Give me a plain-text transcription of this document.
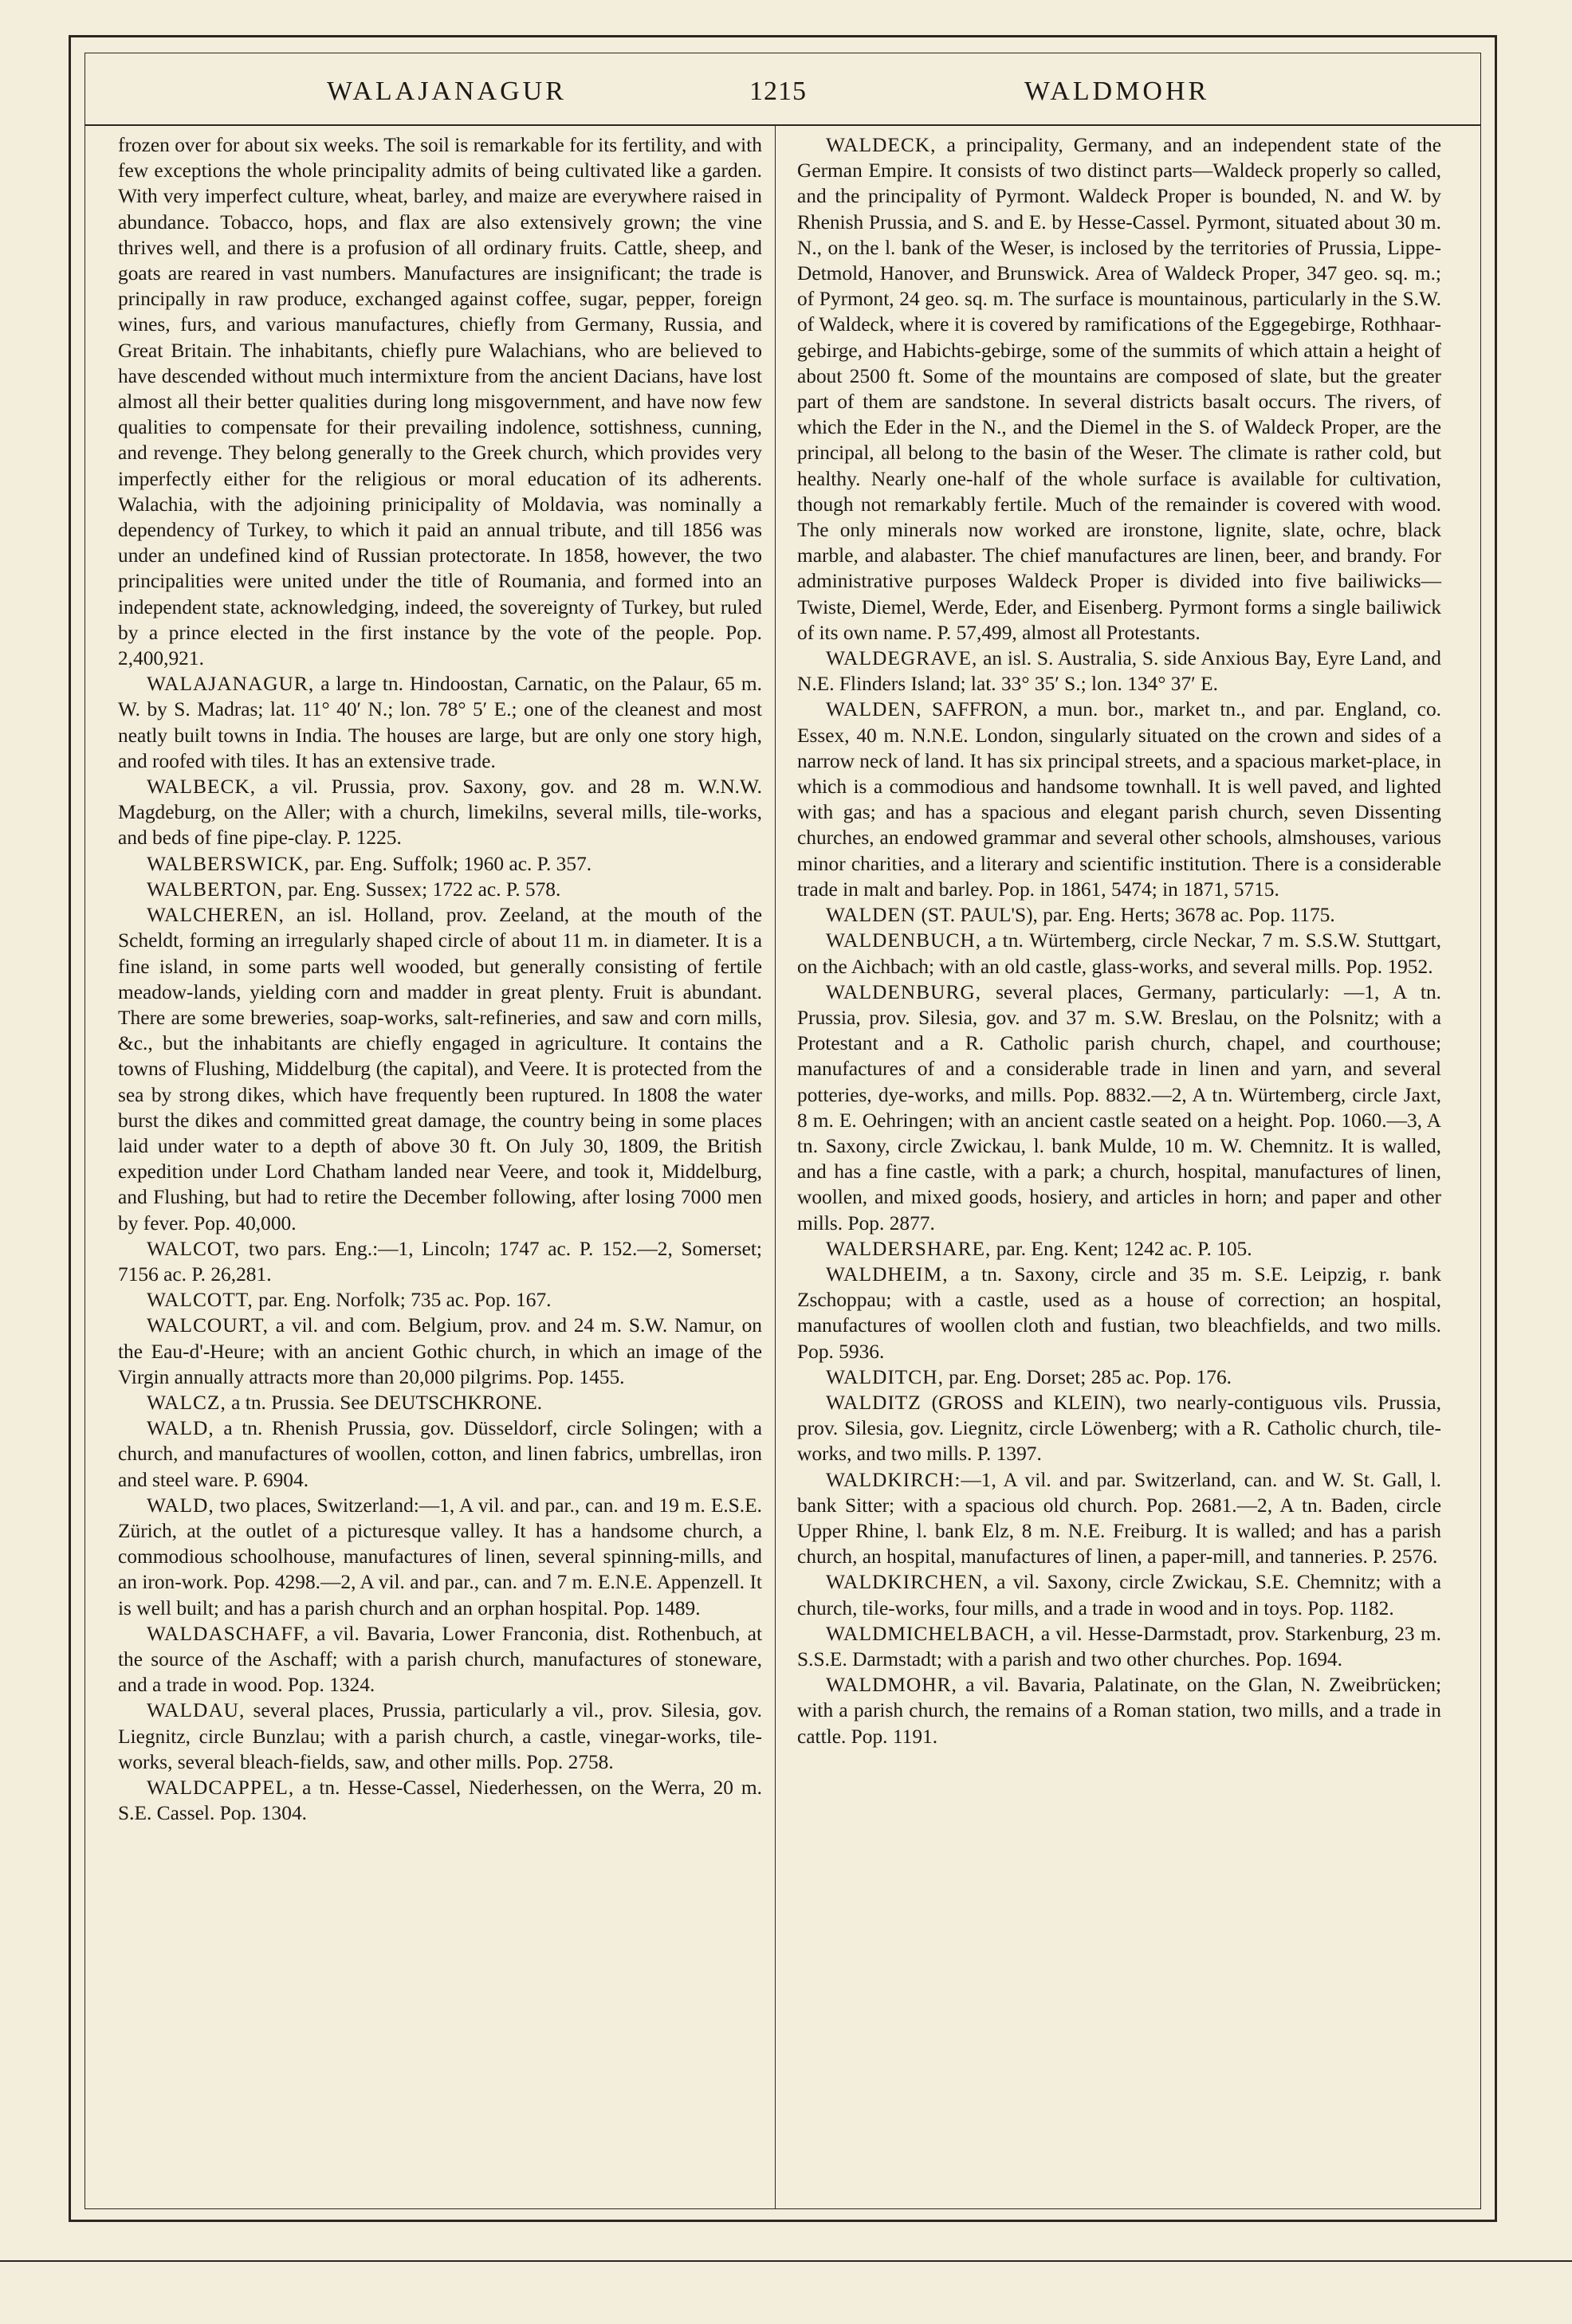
WALAJANAGUR	1215	WALDMOHR

frozen over for about six weeks. The soil is remarkable for its fertility, and with few exceptions the whole principality admits of being cultivated like a garden. With very imperfect culture, wheat, barley, and maize are everywhere raised in abundance. Tobacco, hops, and flax are also extensively grown; the vine thrives well, and there is a profusion of all ordinary fruits. Cattle, sheep, and goats are reared in vast numbers. Manufactures are insignificant; the trade is principally in raw produce, exchanged against coffee, sugar, pepper, foreign wines, furs, and various manufactures, chiefly from Germany, Russia, and Great Britain. The inhabitants, chiefly pure Walachians, who are believed to have descended without much intermixture from the ancient Dacians, have lost almost all their better qualities during long misgovernment, and have now few qualities to compensate for their prevailing indolence, sottishness, cunning, and revenge. They belong generally to the Greek church, which provides very imperfectly either for the religious or moral education of its adherents. Walachia, with the adjoining prinicipality of Moldavia, was nominally a dependency of Turkey, to which it paid an annual tribute, and till 1856 was under an undefined kind of Russian protectorate. In 1858, however, the two principalities were united under the title of Roumania, and formed into an independent state, acknowledging, indeed, the sovereignty of Turkey, but ruled by a prince elected in the first instance by the vote of the people. Pop. 2,400,921.

WALAJANAGUR, a large tn. Hindoostan, Carnatic, on the Palaur, 65 m. W. by S. Madras; lat. 11° 40′ N.; lon. 78° 5′ E.; one of the cleanest and most neatly built towns in India. The houses are large, but are only one story high, and roofed with tiles. It has an extensive trade.

WALBECK, a vil. Prussia, prov. Saxony, gov. and 28 m. W.N.W. Magdeburg, on the Aller; with a church, limekilns, several mills, tile-works, and beds of fine pipe-clay. P. 1225.

WALBERSWICK, par. Eng. Suffolk; 1960 ac. P. 357.

WALBERTON, par. Eng. Sussex; 1722 ac. P. 578.

WALCHEREN, an isl. Holland, prov. Zeeland, at the mouth of the Scheldt, forming an irregularly shaped circle of about 11 m. in diameter. It is a fine island, in some parts well wooded, but generally consisting of fertile meadow-lands, yielding corn and madder in great plenty. Fruit is abundant. There are some breweries, soap-works, salt-refineries, and saw and corn mills, &c., but the inhabitants are chiefly engaged in agriculture. It contains the towns of Flushing, Middelburg (the capital), and Veere. It is protected from the sea by strong dikes, which have frequently been ruptured. In 1808 the water burst the dikes and committed great damage, the country being in some places laid under water to a depth of above 30 ft. On July 30, 1809, the British expedition under Lord Chatham landed near Veere, and took it, Middelburg, and Flushing, but had to retire the December following, after losing 7000 men by fever. Pop. 40,000.

WALCOT, two pars. Eng.:—1, Lincoln; 1747 ac. P. 152.—2, Somerset; 7156 ac. P. 26,281.

WALCOTT, par. Eng. Norfolk; 735 ac. Pop. 167.

WALCOURT, a vil. and com. Belgium, prov. and 24 m. S.W. Namur, on the Eau-d'-Heure; with an ancient Gothic church, in which an image of the Virgin annually attracts more than 20,000 pilgrims. Pop. 1455.

WALCZ, a tn. Prussia. See DEUTSCHKRONE.

WALD, a tn. Rhenish Prussia, gov. Düsseldorf, circle Solingen; with a church, and manufactures of woollen, cotton, and linen fabrics, umbrellas, iron and steel ware. P. 6904.

WALD, two places, Switzerland:—1, A vil. and par., can. and 19 m. E.S.E. Zürich, at the outlet of a picturesque valley. It has a handsome church, a commodious schoolhouse, manufactures of linen, several spinning-mills, and an iron-work. Pop. 4298.—2, A vil. and par., can. and 7 m. E.N.E. Appenzell. It is well built; and has a parish church and an orphan hospital. Pop. 1489.

WALDASCHAFF, a vil. Bavaria, Lower Franconia, dist. Rothenbuch, at the source of the Aschaff; with a parish church, manufactures of stoneware, and a trade in wood. Pop. 1324.

WALDAU, several places, Prussia, particularly a vil., prov. Silesia, gov. Liegnitz, circle Bunzlau; with a parish church, a castle, vinegar-works, tile-works, several bleach-fields, saw, and other mills. Pop. 2758.

WALDCAPPEL, a tn. Hesse-Cassel, Niederhessen, on the Werra, 20 m. S.E. Cassel. Pop. 1304.

WALDECK, a principality, Germany, and an independent state of the German Empire. It consists of two distinct parts—Waldeck properly so called, and the principality of Pyrmont. Waldeck Proper is bounded, N. and W. by Rhenish Prussia, and S. and E. by Hesse-Cassel. Pyrmont, situated about 30 m. N., on the l. bank of the Weser, is inclosed by the territories of Prussia, Lippe-Detmold, Hanover, and Brunswick. Area of Waldeck Proper, 347 geo. sq. m.; of Pyrmont, 24 geo. sq. m. The surface is mountainous, particularly in the S.W. of Waldeck, where it is covered by ramifications of the Eggegebirge, Rothhaar-gebirge, and Habichts-gebirge, some of the summits of which attain a height of about 2500 ft. Some of the mountains are composed of slate, but the greater part of them are sandstone. In several districts basalt occurs. The rivers, of which the Eder in the N., and the Diemel in the S. of Waldeck Proper, are the principal, all belong to the basin of the Weser. The climate is rather cold, but healthy. Nearly one-half of the whole surface is available for cultivation, though not remarkably fertile. Much of the remainder is covered with wood. The only minerals now worked are ironstone, lignite, slate, ochre, black marble, and alabaster. The chief manufactures are linen, beer, and brandy. For administrative purposes Waldeck Proper is divided into five bailiwicks—Twiste, Diemel, Werde, Eder, and Eisenberg. Pyrmont forms a single bailiwick of its own name. P. 57,499, almost all Protestants.

WALDEGRAVE, an isl. S. Australia, S. side Anxious Bay, Eyre Land, and N.E. Flinders Island; lat. 33° 35′ S.; lon. 134° 37′ E.

WALDEN, SAFFRON, a mun. bor., market tn., and par. England, co. Essex, 40 m. N.N.E. London, singularly situated on the crown and sides of a narrow neck of land. It has six principal streets, and a spacious market-place, in which is a commodious and handsome townhall. It is well paved, and lighted with gas; and has a spacious and elegant parish church, seven Dissenting churches, an endowed grammar and several other schools, almshouses, various minor charities, and a literary and scientific institution. There is a considerable trade in malt and barley. Pop. in 1861, 5474; in 1871, 5715.

WALDEN (ST. PAUL'S), par. Eng. Herts; 3678 ac. Pop. 1175.

WALDENBUCH, a tn. Würtemberg, circle Neckar, 7 m. S.S.W. Stuttgart, on the Aichbach; with an old castle, glass-works, and several mills. Pop. 1952.

WALDENBURG, several places, Germany, particularly: —1, A tn. Prussia, prov. Silesia, gov. and 37 m. S.W. Breslau, on the Polsnitz; with a Protestant and a R. Catholic parish church, chapel, and courthouse; manufactures of and a considerable trade in linen and yarn, and several potteries, dye-works, and mills. Pop. 8832.—2, A tn. Würtemberg, circle Jaxt, 8 m. E. Oehringen; with an ancient castle seated on a height. Pop. 1060.—3, A tn. Saxony, circle Zwickau, l. bank Mulde, 10 m. W. Chemnitz. It is walled, and has a fine castle, with a park; a church, hospital, manufactures of linen, woollen, and mixed goods, hosiery, and articles in horn; and paper and other mills. Pop. 2877.

WALDERSHARE, par. Eng. Kent; 1242 ac. P. 105.

WALDHEIM, a tn. Saxony, circle and 35 m. S.E. Leipzig, r. bank Zschoppau; with a castle, used as a house of correction; an hospital, manufactures of woollen cloth and fustian, two bleachfields, and two mills. Pop. 5936.

WALDITCH, par. Eng. Dorset; 285 ac. Pop. 176.

WALDITZ (GROSS and KLEIN), two nearly-contiguous vils. Prussia, prov. Silesia, gov. Liegnitz, circle Löwenberg; with a R. Catholic church, tile-works, and two mills. P. 1397.

WALDKIRCH:—1, A vil. and par. Switzerland, can. and W. St. Gall, l. bank Sitter; with a spacious old church. Pop. 2681.—2, A tn. Baden, circle Upper Rhine, l. bank Elz, 8 m. N.E. Freiburg. It is walled; and has a parish church, an hospital, manufactures of linen, a paper-mill, and tanneries. P. 2576.

WALDKIRCHEN, a vil. Saxony, circle Zwickau, S.E. Chemnitz; with a church, tile-works, four mills, and a trade in wood and in toys. Pop. 1182.

WALDMICHELBACH, a vil. Hesse-Darmstadt, prov. Starkenburg, 23 m. S.S.E. Darmstadt; with a parish and two other churches. Pop. 1694.

WALDMOHR, a vil. Bavaria, Palatinate, on the Glan, N. Zweibrücken; with a parish church, the remains of a Roman station, two mills, and a trade in cattle. Pop. 1191.
